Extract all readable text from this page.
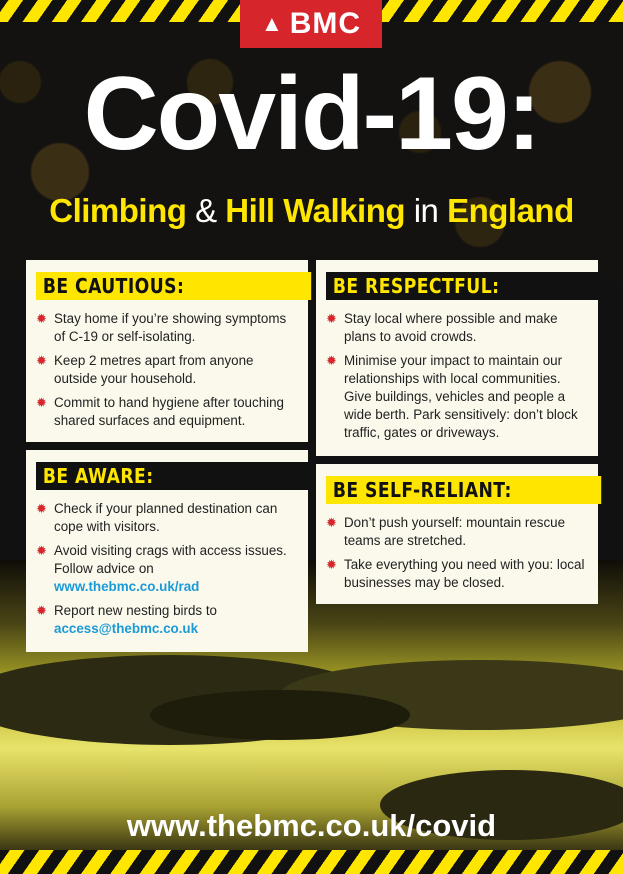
▲ BMC
Covid-19:
Climbing & Hill Walking in England
BE CAUTIOUS:
✹ Stay home if you’re showing symptoms of C-19 or self-isolating.
✹ Keep 2 metres apart from anyone outside your household.
✹ Commit to hand hygiene after touching shared surfaces and equipment.
BE RESPECTFUL:
✹ Stay local where possible and make plans to avoid crowds.
✹ Minimise your impact to maintain our relationships with local communities. Give buildings, vehicles and people a wide berth. Park sensitively: don’t block traffic, gates or driveways.
BE AWARE:
✹ Check if your planned destination can cope with visitors.
✹ Avoid visiting crags with access issues. Follow advice on
www.thebmc.co.uk/rad
✹ Report new nesting birds to
access@thebmc.co.uk
BE SELF-RELIANT:
✹ Don’t push yourself: mountain rescue teams are stretched.
✹ Take everything you need with you: local businesses may be closed.
www.thebmc.co.uk/covid
